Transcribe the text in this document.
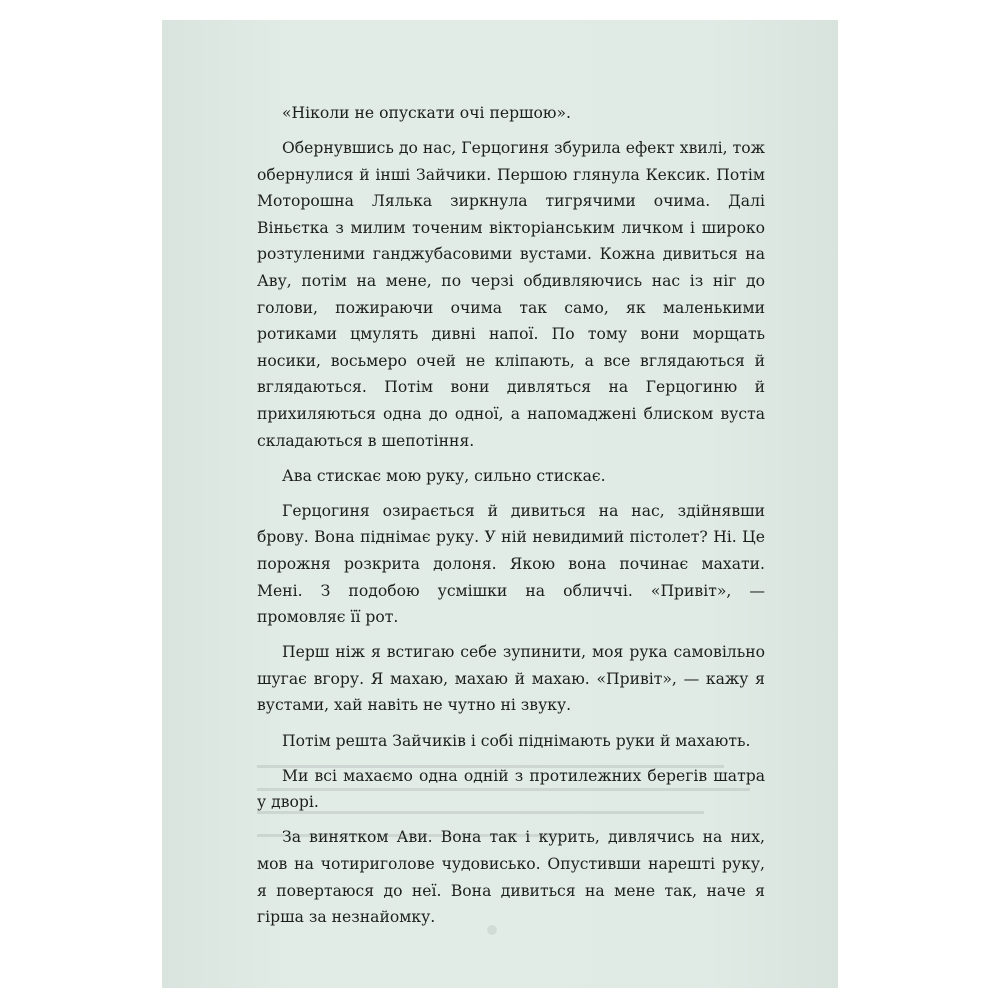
«Ніколи не опускати очі першою».

Обернувшись до нас, Герцогиня збурила ефект хвилі, тож обернулися й інші Зайчики. Першою глянула Кексик. Потім Моторошна Лялька зиркнула тигрячими очима. Далі Віньєтка з милим точеним вікторіанським личком і широко розтуленими ганджубасовими вустами. Кожна дивиться на Аву, потім на мене, по черзі обдивляючись нас із ніг до голови, пожираючи очима так само, як маленькими ротиками цмулять дивні напої. По тому вони морщать носики, восьмеро очей не кліпають, а все вглядаються й вглядаються. Потім вони дивляться на Герцогиню й прихиляються одна до одної, а напомаджені блиском вуста складаються в шепотіння.

Ава стискає мою руку, сильно стискає.

Герцогиня озирається й дивиться на нас, здійнявши брову. Вона піднімає руку. У ній невидимий пістолет? Ні. Це порожня розкрита долоня. Якою вона починає махати. Мені. З подобою усмішки на обличчі. «Привіт», — промовляє її рот.

Перш ніж я встигаю себе зупинити, моя рука самовільно шугає вгору. Я махаю, махаю й махаю. «Привіт», — кажу я вустами, хай навіть не чутно ні звуку.

Потім решта Зайчиків і собі піднімають руки й махають.

Ми всі махаємо одна одній з протилежних берегів шатра у дворі.

За винятком Ави. Вона так і курить, дивлячись на них, мов на чотириголове чудовисько. Опустивши нарешті руку, я повертаюся до неї. Вона дивиться на мене так, наче я гірша за незнайомку.
